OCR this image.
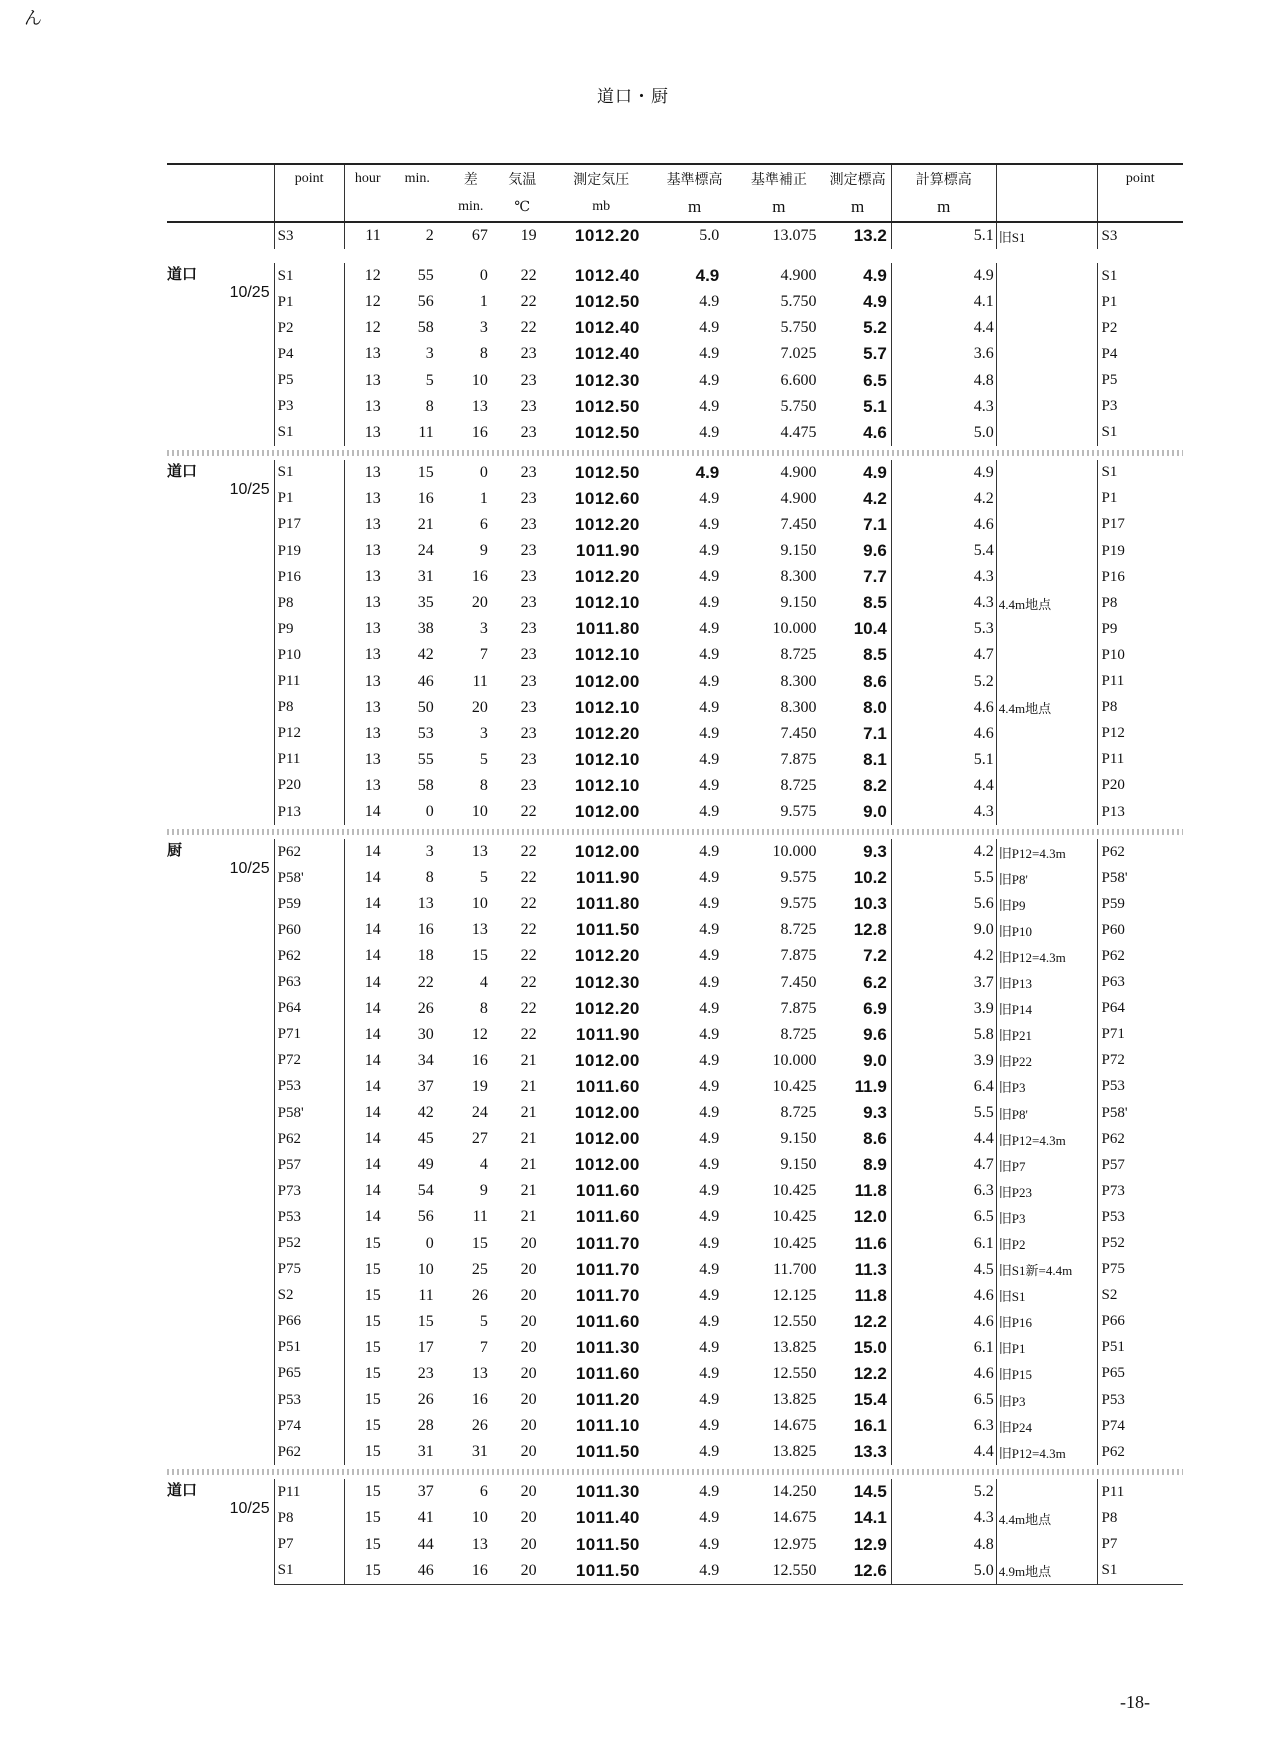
ん
道口・厨
	point	hour	min.	差	気温	測定気圧	基準標高	基準補正	測定標高	計算標高		point
				min.	℃	mb	m	m	m	m		

	S3	11	2	67	19	1012.20	5.0	13.075	13.2	5.1	旧S1	S3

道口
10/25	S1	12	55	0	22	1012.40	4.9	4.900	4.9	4.9		S1
	P1	12	56	1	22	1012.50	4.9	5.750	4.9	4.1		P1
	P2	12	58	3	22	1012.40	4.9	5.750	5.2	4.4		P2
	P4	13	3	8	23	1012.40	4.9	7.025	5.7	3.6		P4
	P5	13	5	10	23	1012.30	4.9	6.600	6.5	4.8		P5
	P3	13	8	13	23	1012.50	4.9	5.750	5.1	4.3		P3
	S1	13	11	16	23	1012.50	4.9	4.475	4.6	5.0		S1

道口
10/25	S1	13	15	0	23	1012.50	4.9	4.900	4.9	4.9		S1
	P1	13	16	1	23	1012.60	4.9	4.900	4.2	4.2		P1
	P17	13	21	6	23	1012.20	4.9	7.450	7.1	4.6		P17
	P19	13	24	9	23	1011.90	4.9	9.150	9.6	5.4		P19
	P16	13	31	16	23	1012.20	4.9	8.300	7.7	4.3		P16
	P8	13	35	20	23	1012.10	4.9	9.150	8.5	4.3	4.4m地点	P8
	P9	13	38	3	23	1011.80	4.9	10.000	10.4	5.3		P9
	P10	13	42	7	23	1012.10	4.9	8.725	8.5	4.7		P10
	P11	13	46	11	23	1012.00	4.9	8.300	8.6	5.2		P11
	P8	13	50	20	23	1012.10	4.9	8.300	8.0	4.6	4.4m地点	P8
	P12	13	53	3	23	1012.20	4.9	7.450	7.1	4.6		P12
	P11	13	55	5	23	1012.10	4.9	7.875	8.1	5.1		P11
	P20	13	58	8	23	1012.10	4.9	8.725	8.2	4.4		P20
	P13	14	0	10	22	1012.00	4.9	9.575	9.0	4.3		P13

厨
10/25	P62	14	3	13	22	1012.00	4.9	10.000	9.3	4.2	旧P12=4.3m	P62
	P58'	14	8	5	22	1011.90	4.9	9.575	10.2	5.5	旧P8'	P58'
	P59	14	13	10	22	1011.80	4.9	9.575	10.3	5.6	旧P9	P59
	P60	14	16	13	22	1011.50	4.9	8.725	12.8	9.0	旧P10	P60
	P62	14	18	15	22	1012.20	4.9	7.875	7.2	4.2	旧P12=4.3m	P62
	P63	14	22	4	22	1012.30	4.9	7.450	6.2	3.7	旧P13	P63
	P64	14	26	8	22	1012.20	4.9	7.875	6.9	3.9	旧P14	P64
	P71	14	30	12	22	1011.90	4.9	8.725	9.6	5.8	旧P21	P71
	P72	14	34	16	21	1012.00	4.9	10.000	9.0	3.9	旧P22	P72
	P53	14	37	19	21	1011.60	4.9	10.425	11.9	6.4	旧P3	P53
	P58'	14	42	24	21	1012.00	4.9	8.725	9.3	5.5	旧P8'	P58'
	P62	14	45	27	21	1012.00	4.9	9.150	8.6	4.4	旧P12=4.3m	P62
	P57	14	49	4	21	1012.00	4.9	9.150	8.9	4.7	旧P7	P57
	P73	14	54	9	21	1011.60	4.9	10.425	11.8	6.3	旧P23	P73
	P53	14	56	11	21	1011.60	4.9	10.425	12.0	6.5	旧P3	P53
	P52	15	0	15	20	1011.70	4.9	10.425	11.6	6.1	旧P2	P52
	P75	15	10	25	20	1011.70	4.9	11.700	11.3	4.5	旧S1新=4.4m	P75
	S2	15	11	26	20	1011.70	4.9	12.125	11.8	4.6	旧S1	S2
	P66	15	15	5	20	1011.60	4.9	12.550	12.2	4.6	旧P16	P66
	P51	15	17	7	20	1011.30	4.9	13.825	15.0	6.1	旧P1	P51
	P65	15	23	13	20	1011.60	4.9	12.550	12.2	4.6	旧P15	P65
	P53	15	26	16	20	1011.20	4.9	13.825	15.4	6.5	旧P3	P53
	P74	15	28	26	20	1011.10	4.9	14.675	16.1	6.3	旧P24	P74
	P62	15	31	31	20	1011.50	4.9	13.825	13.3	4.4	旧P12=4.3m	P62

道口
10/25	P11	15	37	6	20	1011.30	4.9	14.250	14.5	5.2		P11
	P8	15	41	10	20	1011.40	4.9	14.675	14.1	4.3	4.4m地点	P8
	P7	15	44	13	20	1011.50	4.9	12.975	12.9	4.8		P7
	S1	15	46	16	20	1011.50	4.9	12.550	12.6	5.0	4.9m地点	S1
-18-
